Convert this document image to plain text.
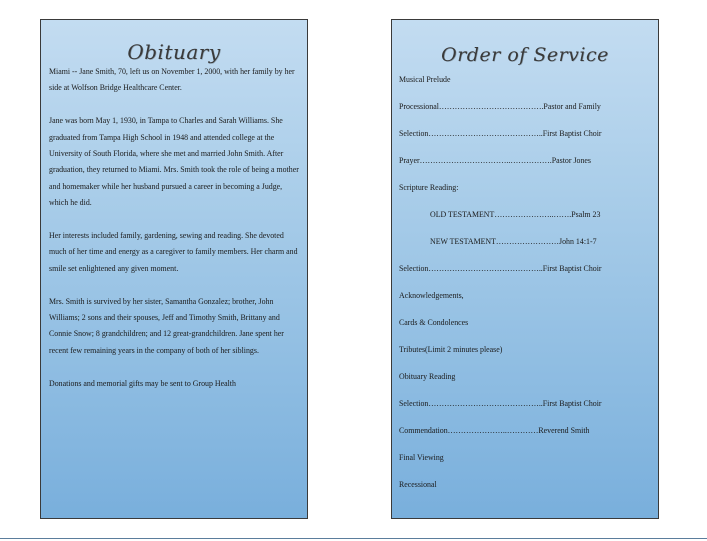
Obituary

Miami -- Jane Smith, 70, left us on November 1, 2000, with her family by her side at Wolfson Bridge Healthcare Center.

Jane was born May 1, 1930, in Tampa to Charles and Sarah Williams. She graduated from Tampa High School in 1948 and attended college at the University of South Florida, where she met and married John Smith. After graduation, they returned to Miami. Mrs. Smith took the role of being a mother and homemaker while her husband pursued a career in becoming a Judge, which he did.

Her interests included family, gardening, sewing and reading. She devoted much of her time and energy as a caregiver to family members. Her charm and smile set enlightened any given moment.

Mrs. Smith is survived by her sister, Samantha Gonzalez; brother, John Williams; 2 sons and their spouses, Jeff and Timothy Smith, Brittany and Connie Snow; 8 grandchildren; and 12 great-grandchildren. Jane spent her recent few remaining years in the company of both of her siblings.

Donations and memorial gifts may be sent to Group Health

Order of Service
Musical Prelude
Processional………………………………….Pastor and Family
Selection……………………………………..First Baptist Choir
Prayer……………………………..…………….Pastor Jones
Scripture Reading:
OLD TESTAMENT…………………..…….Psalm 23
NEW TESTAMENT……………………John 14:1-7
Selection……………………………………..First Baptist Choir
Acknowledgements,
Cards & Condolences
Tributes(Limit 2 minutes please)
Obituary Reading
Selection……………………………………..First Baptist Choir
Commendation…………………..…………Reverend Smith
Final Viewing
Recessional
